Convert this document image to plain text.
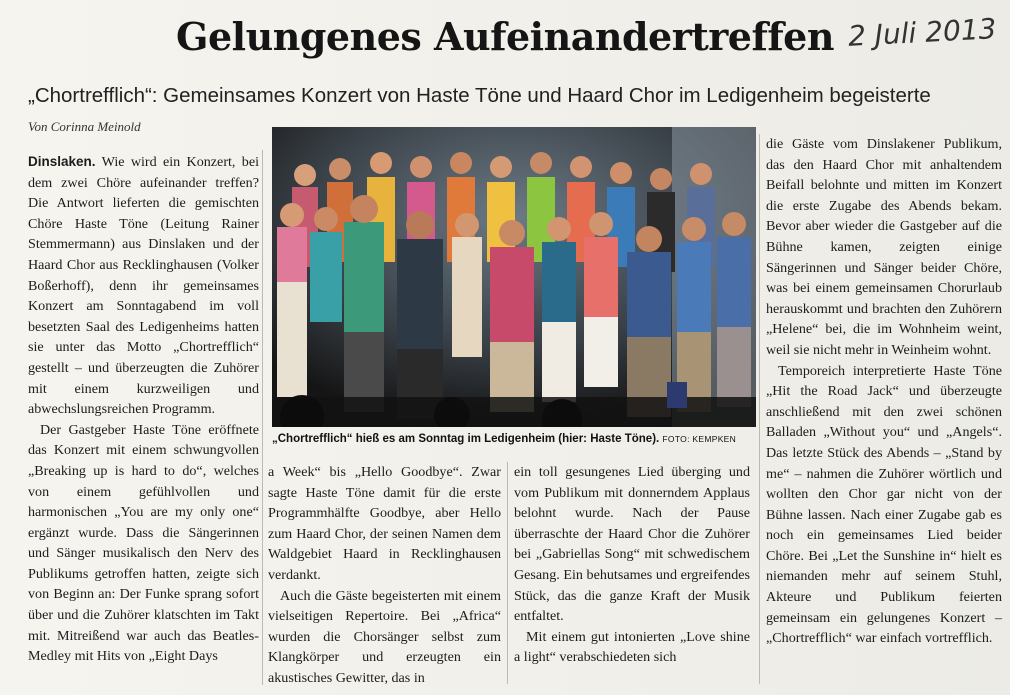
Gelungenes Aufeinandertreffen 2 Juli 2013

„Chortrefflich“: Gemeinsames Konzert von Haste Töne und Haard Chor im Ledigenheim begeisterte

Von Corinna Meinold

Dinslaken. Wie wird ein Konzert, bei dem zwei Chöre aufeinander treffen? Die Antwort lieferten die gemischten Chöre Haste Töne (Leitung Rainer Stemmermann) aus Dinslaken und der Haard Chor aus Recklinghausen (Volker Boßerhoff), denn ihr gemeinsames Konzert am Sonntagabend im voll besetzten Saal des Ledigenheims hatten sie unter das Motto „Chortrefflich“ gestellt – und überzeugten die Zuhörer mit einem kurzweiligen und abwechslungsreichen Programm.

Der Gastgeber Haste Töne eröffnete das Konzert mit einem schwungvollen „Breaking up is hard to do“, welches von einem gefühlvollen und harmonischen „You are my only one“ ergänzt wurde. Dass die Sängerinnen und Sänger musikalisch den Nerv des Publikums getroffen hatten, zeigte sich von Beginn an: Der Funke sprang sofort über und die Zuhörer klatschten im Takt mit. Mitreißend war auch das Beatles-Medley mit Hits von „Eight Days

„Chortrefflich“ hieß es am Sonntag im Ledigenheim (hier: Haste Töne). FOTO: KEMPKEN

a Week“ bis „Hello Goodbye“. Zwar sagte Haste Töne damit für die erste Programmhälfte Goodbye, aber Hello zum Haard Chor, der seinen Namen dem Waldgebiet Haard in Recklinghausen verdankt.

Auch die Gäste begeisterten mit einem vielseitigen Repertoire. Bei „Africa“ wurden die Chorsänger selbst zum Klangkörper und erzeugten ein akustisches Gewitter, das in

ein toll gesungenes Lied überging und vom Publikum mit donnerndem Applaus belohnt wurde. Nach der Pause überraschte der Haard Chor die Zuhörer bei „Gabriellas Song“ mit schwedischem Gesang. Ein behutsames und ergreifendes Stück, das die ganze Kraft der Musik entfaltet.

Mit einem gut intonierten „Love shine a light“ verabschiedeten sich

die Gäste vom Dinslakener Publikum, das den Haard Chor mit anhaltendem Beifall belohnte und mitten im Konzert die erste Zugabe des Abends bekam. Bevor aber wieder die Gastgeber auf die Bühne kamen, zeigten einige Sängerinnen und Sänger beider Chöre, was bei einem gemeinsamen Chorurlaub herauskommt und brachten den Zuhörern „Helene“ bei, die im Wohnheim weint, weil sie nicht mehr in Weinheim wohnt.

Temporeich interpretierte Haste Töne „Hit the Road Jack“ und überzeugte anschließend mit den zwei schönen Balladen „Without you“ und „Angels“. Das letzte Stück des Abends – „Stand by me“ – nahmen die Zuhörer wörtlich und wollten den Chor gar nicht von der Bühne lassen. Nach einer Zugabe gab es noch ein gemeinsames Lied beider Chöre. Bei „Let the Sunshine in“ hielt es niemanden mehr auf seinem Stuhl, Akteure und Publikum feierten gemeinsam ein gelungenes Konzert – „Chortrefflich“ war einfach vortrefflich.
